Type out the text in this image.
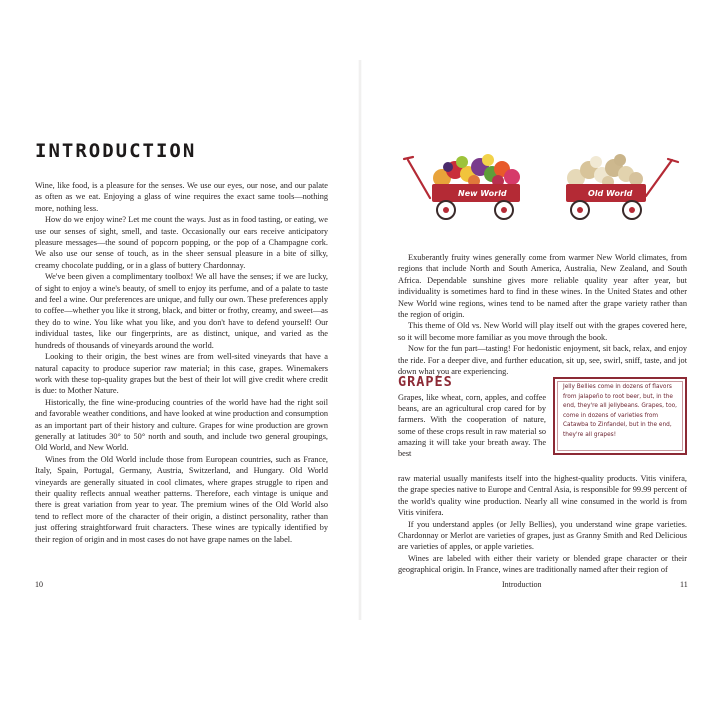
INTRODUCTION

Wine, like food, is a pleasure for the senses. We use our eyes, our nose, and our palate as often as we eat. Enjoying a glass of wine requires the exact same tools—nothing more, nothing less.

How do we enjoy wine? Let me count the ways. Just as in food tasting, or eating, we use our senses of sight, smell, and taste. Occasionally our ears receive anticipatory pleasure messages—the sound of popcorn popping, or the pop of a Champagne cork. We also use our sense of touch, as in the sheer sensual pleasure in a bite of silky, creamy chocolate pudding, or in a glass of buttery Chardonnay.

We've been given a complimentary toolbox! We all have the senses; if we are lucky, of sight to enjoy a wine's beauty, of smell to enjoy its perfume, and of a palate to taste and feel a wine. Our preferences are unique, and fully our own. These preferences apply to coffee—whether you like it strong, black, and bitter or frothy, creamy, and sweet—as they do to wine. You like what you like, and you don't have to defend yourself! Our individual tastes, like our fingerprints, are as distinct, unique, and varied as the hundreds of thousands of vineyards around the world.

Looking to their origin, the best wines are from well-sited vineyards that have a natural capacity to produce superior raw material; in this case, grapes. Winemakers work with these top-quality grapes but the best of their lot will give credit where credit is due: to Mother Nature.

Historically, the fine wine-producing countries of the world have had the right soil and favorable weather conditions, and have looked at wine production and consumption as an important part of their history and culture. Grapes for wine production are grown generally at latitudes 30° to 50° north and south, and include two general groupings, Old World, and New World.

Wines from the Old World include those from European countries, such as France, Italy, Spain, Portugal, Germany, Austria, Switzerland, and Hungary. Old World vineyards are generally situated in cool climates, where grapes struggle to ripen and their quality reflects annual weather patterns. Therefore, each vintage is unique and there is great variation from year to year. The premium wines of the Old World also tend to reflect more of the character of their origin, a distinct personality, rather than just offering straightforward fruit characters. These wines are typically identified by their region of origin and in most cases do not have grape names on the label.

10
New World	Old World

Exuberantly fruity wines generally come from warmer New World climates, from regions that include North and South America, Australia, New Zealand, and South Africa. Dependable sunshine gives more reliable quality year after year, but individuality is sometimes hard to find in these wines. In the United States and other New World wine regions, wines tend to be named after the grape variety rather than the region of origin.

This theme of Old vs. New World will play itself out with the grapes covered here, so it will become more familiar as you move through the book.

Now for the fun part—tasting! For hedonistic enjoyment, sit back, relax, and enjoy the ride. For a deeper dive, and further education, sit up, see, swirl, sniff, taste, and jot down what you are experiencing.

GRAPES

Grapes, like wheat, corn, apples, and coffee beans, are an agricultural crop cared for by farmers. With the cooperation of nature, some of these crops result in raw material so amazing it will take your breath away. The best

Jelly Bellies come in dozens of flavors from jalapeño to root beer, but, in the end, they're all jellybeans. Grapes, too, come in dozens of varieties from Catawba to Zinfandel, but in the end, they're all grapes!

raw material usually manifests itself into the highest-quality products. Vitis vinifera, the grape species native to Europe and Central Asia, is responsible for 99.99 percent of the world's quality wine production. Nearly all wine consumed in the world is from Vitis vinifera.

If you understand apples (or Jelly Bellies), you understand wine grape varieties. Chardonnay or Merlot are varieties of grapes, just as Granny Smith and Red Delicious are varieties of apples, or apple varieties.

Wines are labeled with either their variety or blended grape character or their geographical origin. In France, wines are traditionally named after their region of

Introduction	11
